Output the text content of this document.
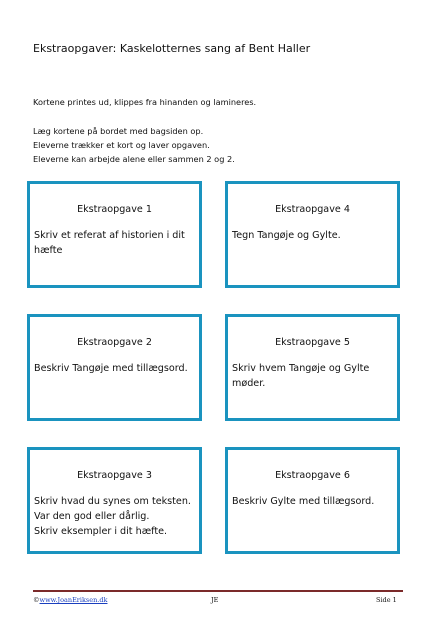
Ekstraopgaver: Kaskelotternes sang af Bent Haller
Kortene printes ud, klippes fra hinanden og lamineres.
Læg kortene på bordet med bagsiden op.
Eleverne trækker et kort og laver opgaven.
Eleverne kan arbejde alene eller sammen 2 og 2.
Ekstraopgave 1
Skriv et referat af historien i dit
hæfte
Ekstraopgave 4
Tegn Tangøje og Gylte.
Ekstraopgave 2
Beskriv Tangøje med tillægsord.
Ekstraopgave 5
Skriv hvem Tangøje og Gylte
møder.
Ekstraopgave 3
Skriv hvad du synes om teksten.
Var den god eller dårlig.
Skriv eksempler i dit hæfte.
Ekstraopgave 6
Beskriv Gylte med tillægsord.
©www.JoanEriksen.dk	JE	Side 1
